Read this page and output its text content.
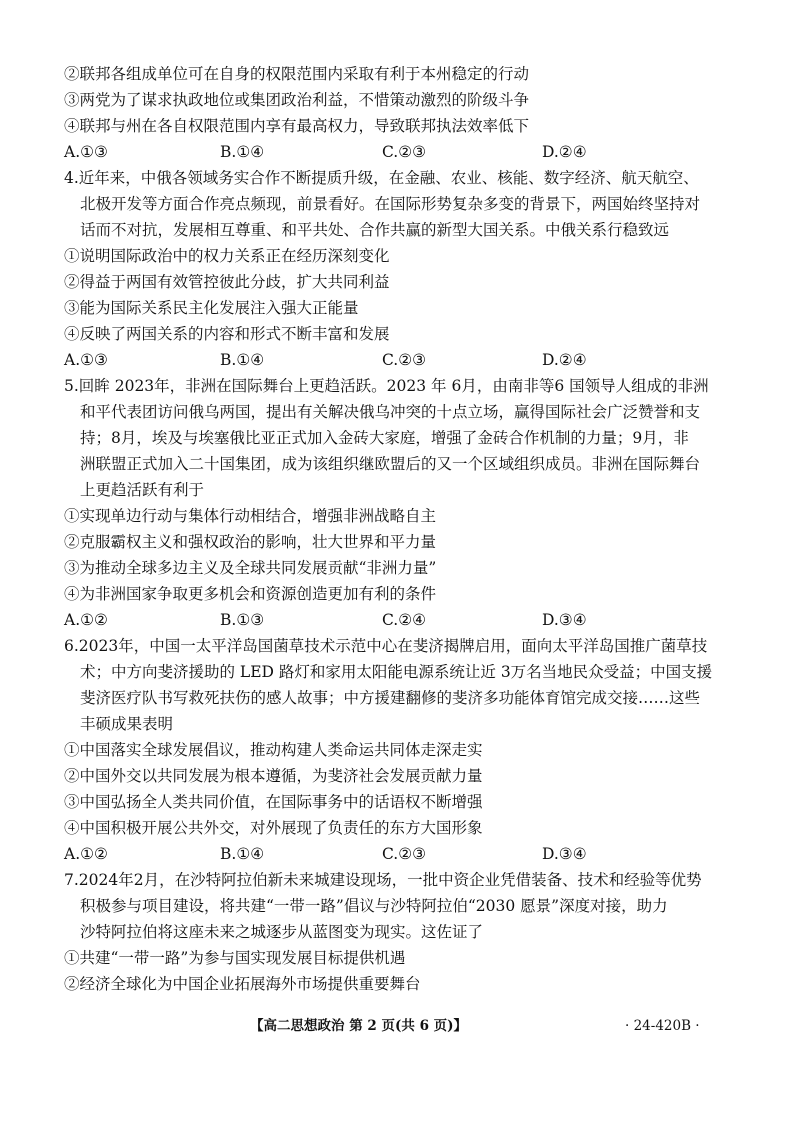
②联邦各组成单位可在自身的权限范围内采取有利于本州稳定的行动
③两党为了谋求执政地位或集团政治利益，不惜策动激烈的阶级斗争
④联邦与州在各自权限范围内享有最高权力，导致联邦执法效率低下
A.①③	B.①④	C.②③	D.②④
4.近年来，中俄各领域务实合作不断提质升级，在金融、农业、核能、数字经济、航天航空、
北极开发等方面合作亮点频现，前景看好。在国际形势复杂多变的背景下，两国始终坚持对
话而不对抗，发展相互尊重、和平共处、合作共赢的新型大国关系。中俄关系行稳致远
①说明国际政治中的权力关系正在经历深刻变化
②得益于两国有效管控彼此分歧，扩大共同利益
③能为国际关系民主化发展注入强大正能量
④反映了两国关系的内容和形式不断丰富和发展
A.①③	B.①④	C.②③	D.②④
5.回眸 2023年，非洲在国际舞台上更趋活跃。2023 年 6月，由南非等6 国领导人组成的非洲
和平代表团访问俄乌两国，提出有关解决俄乌冲突的十点立场，赢得国际社会广泛赞誉和支
持；8月，埃及与埃塞俄比亚正式加入金砖大家庭，增强了金砖合作机制的力量；9月，非
洲联盟正式加入二十国集团，成为该组织继欧盟后的又一个区域组织成员。非洲在国际舞台
上更趋活跃有利于
①实现单边行动与集体行动相结合，增强非洲战略自主
②克服霸权主义和强权政治的影响，壮大世界和平力量
③为推动全球多边主义及全球共同发展贡献“非洲力量”
④为非洲国家争取更多机会和资源创造更加有利的条件
A.①②	B.①③	C.②④	D.③④
6.2023年，中国一太平洋岛国菌草技术示范中心在斐济揭牌启用，面向太平洋岛国推广菌草技
术；中方向斐济援助的 LED 路灯和家用太阳能电源系统让近 3万名当地民众受益；中国支援
斐济医疗队书写救死扶伤的感人故事；中方援建翻修的斐济多功能体育馆完成交接……这些
丰硕成果表明
①中国落实全球发展倡议，推动构建人类命运共同体走深走实
②中国外交以共同发展为根本遵循，为斐济社会发展贡献力量
③中国弘扬全人类共同价值，在国际事务中的话语权不断增强
④中国积极开展公共外交，对外展现了负责任的东方大国形象
A.①②	B.①④	C.②③	D.③④
7.2024年2月，在沙特阿拉伯新未来城建设现场，一批中资企业凭借装备、技术和经验等优势
积极参与项目建设，将共建“一带一路”倡议与沙特阿拉伯“2030 愿景”深度对接，助力
沙特阿拉伯将这座未来之城逐步从蓝图变为现实。这佐证了
①共建“一带一路”为参与国实现发展目标提供机遇
②经济全球化为中国企业拓展海外市场提供重要舞台
【高二思想政治 第 2 页(共 6 页)】	· 24-420B ·
